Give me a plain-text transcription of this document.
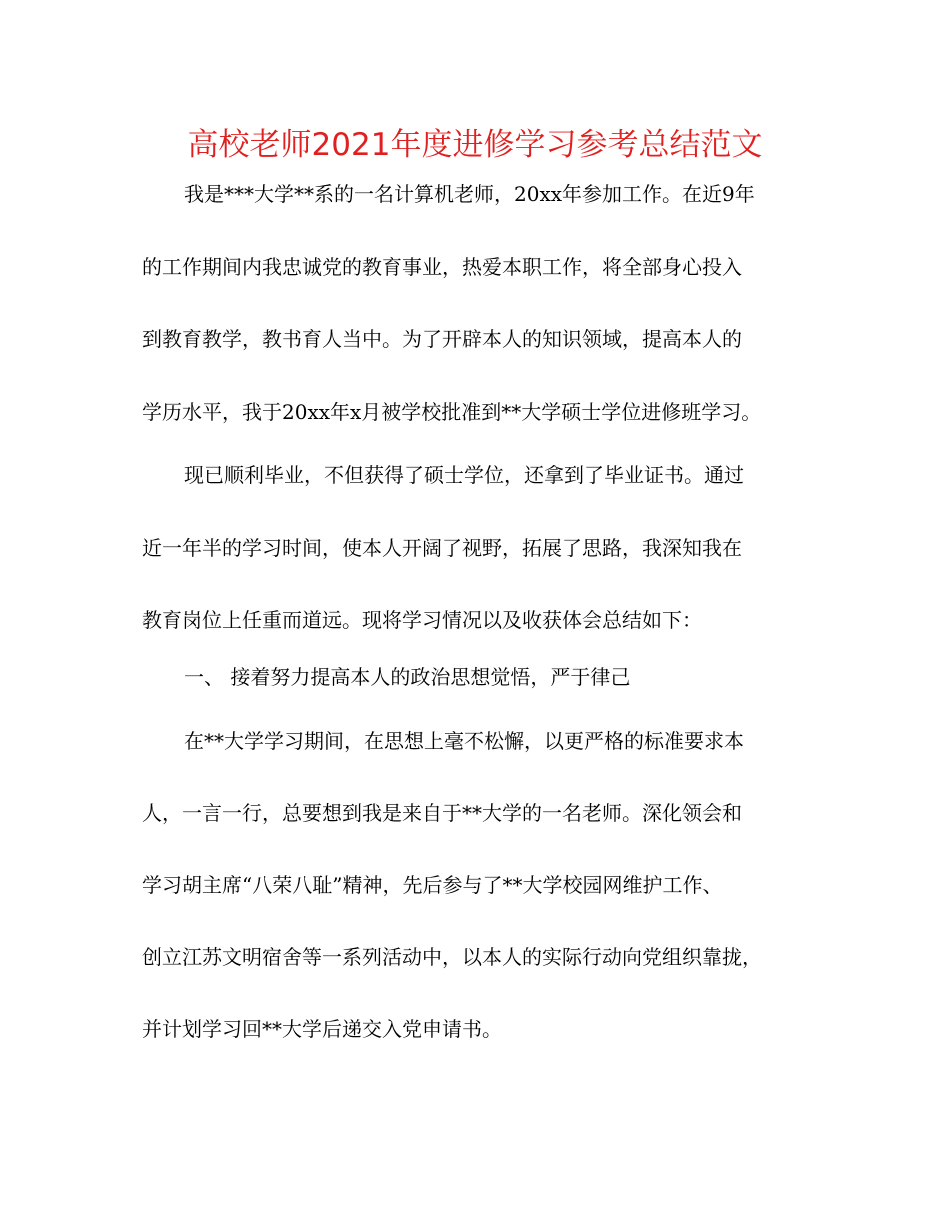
高校老师2021年度进修学习参考总结范文
我是***大学**系的一名计算机老师，20xx年参加工作。在近9年
的工作期间内我忠诚党的教育事业，热爱本职工作，将全部身心投入
到教育教学，教书育人当中。为了开辟本人的知识领域，提高本人的
学历水平，我于20xx年x月被学校批准到**大学硕士学位进修班学习。
现已顺利毕业，不但获得了硕士学位，还拿到了毕业证书。通过
近一年半的学习时间，使本人开阔了视野，拓展了思路，我深知我在
教育岗位上任重而道远。现将学习情况以及收获体会总结如下：
一、 接着努力提高本人的政治思想觉悟，严于律己
在**大学学习期间，在思想上毫不松懈，以更严格的标准要求本
人，一言一行，总要想到我是来自于**大学的一名老师。深化领会和
学习胡主席“八荣八耻”精神，先后参与了**大学校园网维护工作、
创立江苏文明宿舍等一系列活动中，以本人的实际行动向党组织靠拢，
并计划学习回**大学后递交入党申请书。
